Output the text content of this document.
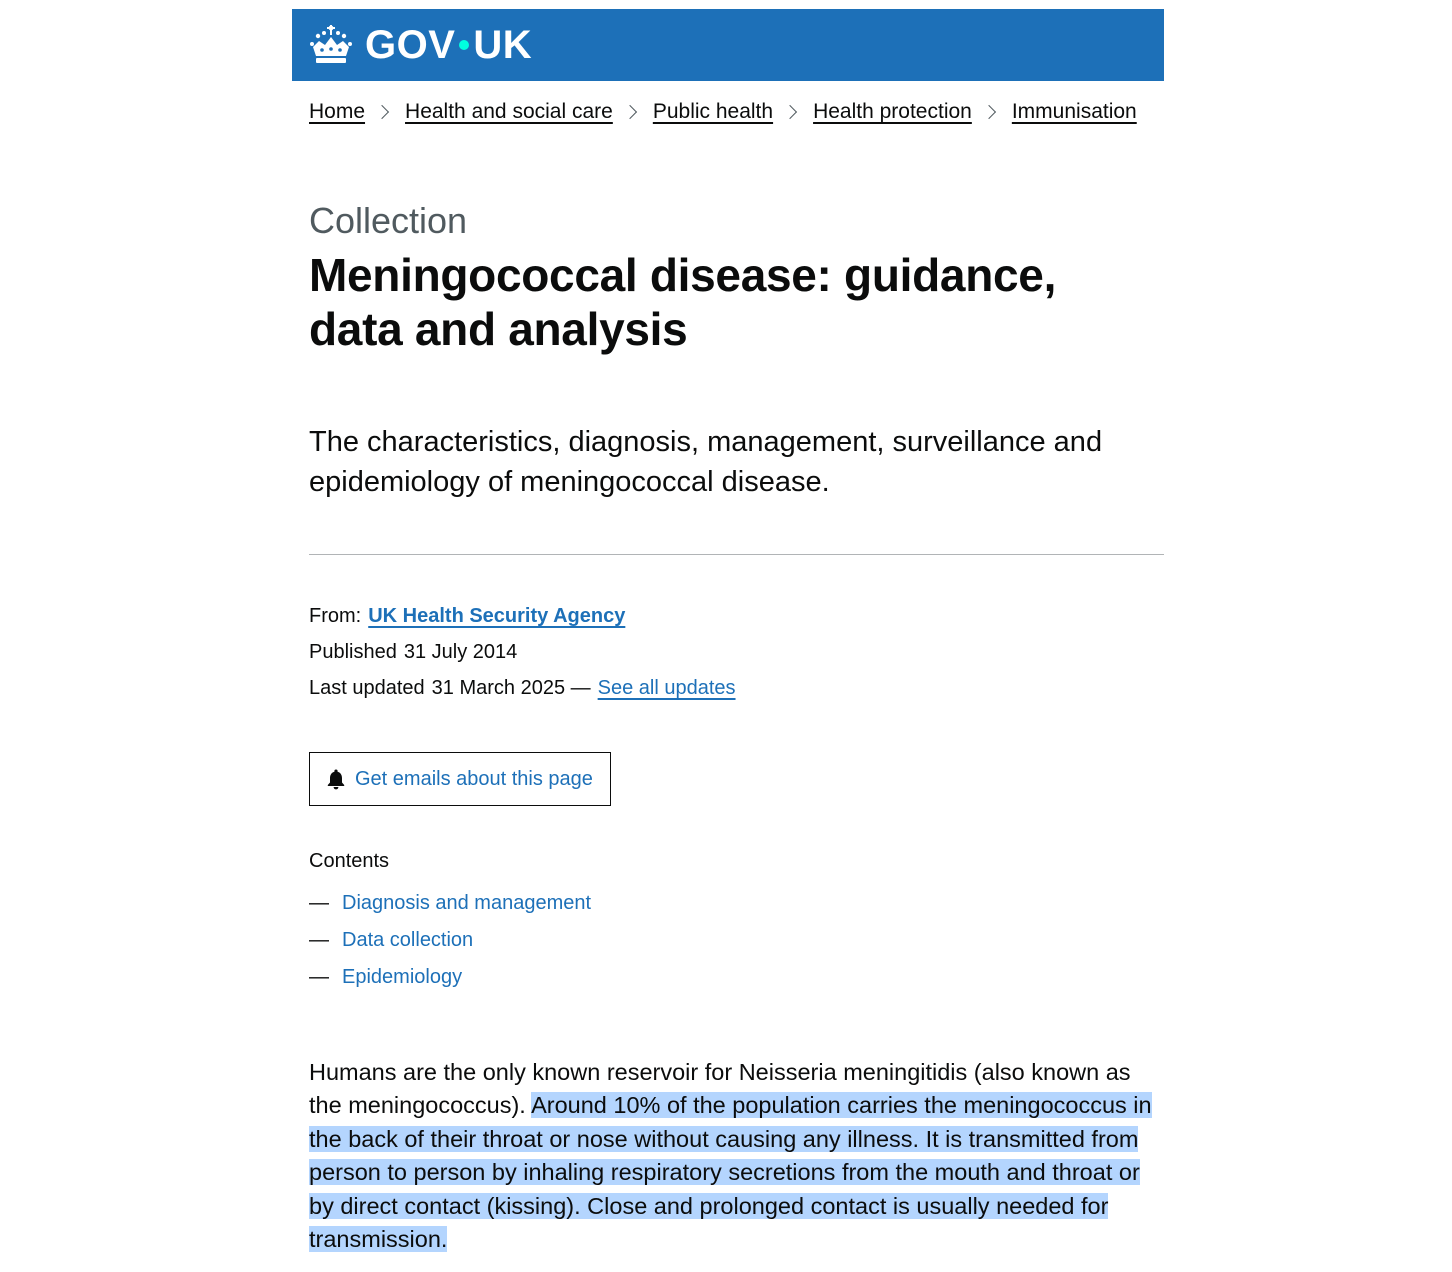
GOV UK
Home Health and social care Public health Health protection Immunisation

Collection

Meningococcal disease: guidance, data and analysis

The characteristics, diagnosis, management, surveillance and epidemiology of meningococcal disease.

From: UK Health Security Agency
Published 31 July 2014
Last updated 31 March 2025 — See all updates
Get emails about this page
Contents
— Diagnosis and management
— Data collection
— Epidemiology

Humans are the only known reservoir for Neisseria meningitidis (also known as the meningococcus). Around 10% of the population carries the meningococcus in the back of their throat or nose without causing any illness. It is transmitted from person to person by inhaling respiratory secretions from the mouth and throat or by direct contact (kissing). Close and prolonged contact is usually needed for transmission.
